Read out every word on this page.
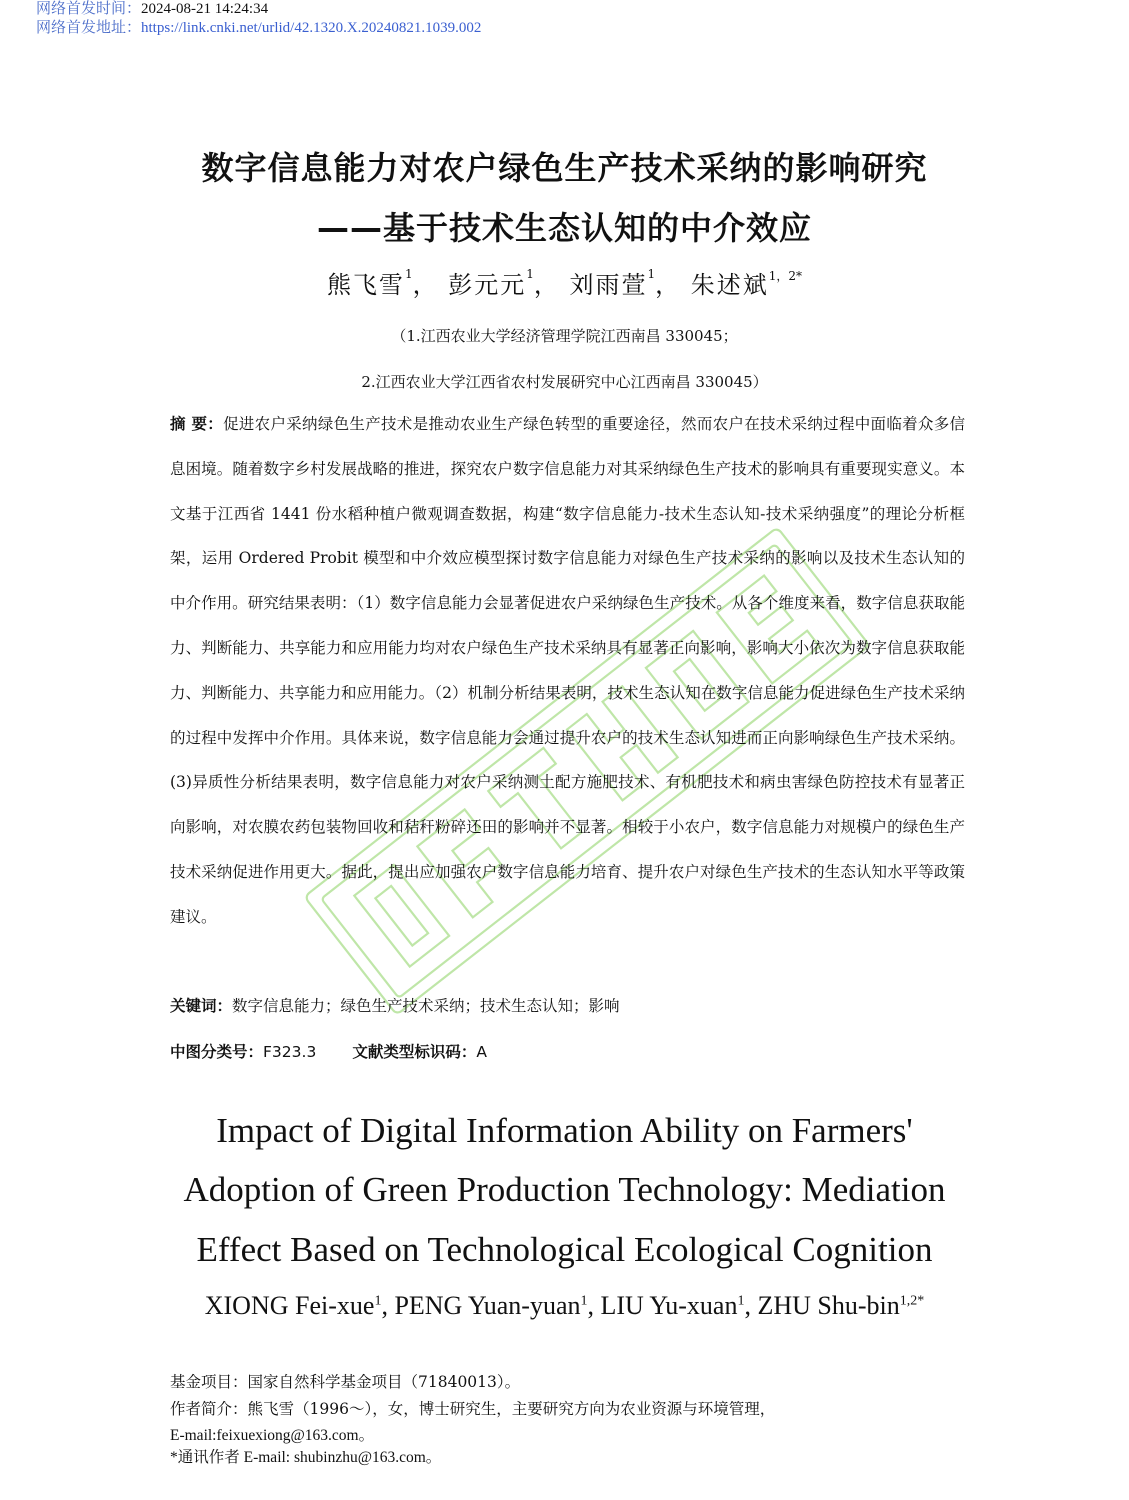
网络首发时间：2024-08-21 14:24:34
网络首发地址：https://link.cnki.net/urlid/42.1320.X.20240821.1039.002
数字信息能力对农户绿色生产技术采纳的影响研究
——基于技术生态认知的中介效应
熊飞雪$^1$， 彭元元$^1$， 刘雨萱$^1$， 朱述斌$^{1,2*}$
（1.江西农业大学经济管理学院江西南昌 330045；
2.江西农业大学江西省农村发展研究中心江西南昌 330045）
摘 要：促进农户采纳绿色生产技术是推动农业生产绿色转型的重要途径，然而农户在技术采纳过程中面临着众多信息困境。随着数字乡村发展战略的推进，探究农户数字信息能力对其采纳绿色生产技术的影响具有重要现实意义。本文基于江西省 1441 份水稻种植户微观调查数据，构建“数字信息能力-技术生态认知-技术采纳强度”的理论分析框架，运用 Ordered Probit 模型和中介效应模型探讨数字信息能力对绿色生产技术采纳的影响以及技术生态认知的中介作用。研究结果表明：（1）数字信息能力会显著促进农户采纳绿色生产技术。从各个维度来看，数字信息获取能力、判断能力、共享能力和应用能力均对农户绿色生产技术采纳具有显著正向影响，影响大小依次为数字信息获取能力、判断能力、共享能力和应用能力。（2）机制分析结果表明，技术生态认知在数字信息能力促进绿色生产技术采纳的过程中发挥中介作用。具体来说，数字信息能力会通过提升农户的技术生态认知进而正向影响绿色生产技术采纳。(3)异质性分析结果表明，数字信息能力对农户采纳测土配方施肥技术、有机肥技术和病虫害绿色防控技术有显著正向影响，对农膜农药包装物回收和秸秆粉碎还田的影响并不显著。相较于小农户，数字信息能力对规模户的绿色生产技术采纳促进作用更大。据此，提出应加强农户数字信息能力培育、提升农户对绿色生产技术的生态认知水平等政策建议。
关键词：数字信息能力；绿色生产技术采纳；技术生态认知；影响
中图分类号：F323.3 文献类型标识码：A
Impact of Digital Information Ability on Farmers'
Adoption of Green Production Technology: Mediation
Effect Based on Technological Ecological Cognition
XIONG Fei-xue$^1$, PENG Yuan-yuan$^1$, LIU Yu-xuan$^1$, ZHU Shu-bin$^{1,2*}$
基金项目：国家自然科学基金项目（71840013）。
作者简介：熊飞雪（1996～），女，博士研究生，主要研究方向为农业资源与环境管理，
E-mail:feixuexiong@163.com。
*通讯作者 E-mail: shubinzhu@163.com。
